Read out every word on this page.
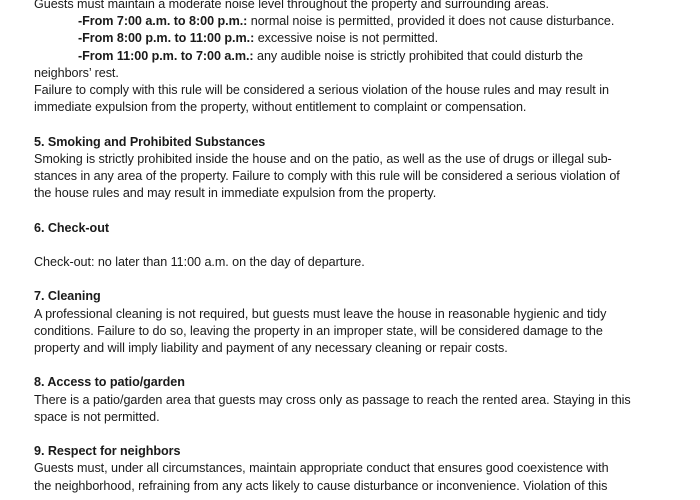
Guests must maintain a moderate noise level throughout the property and surrounding areas.

-From 7:00 a.m. to 8:00 p.m.: normal noise is permitted, provided it does not cause disturbance.

-From 8:00 p.m. to 11:00 p.m.: excessive noise is not permitted.

-From 11:00 p.m. to 7:00 a.m.: any audible noise is strictly prohibited that could disturb the

neighbors’ rest.

Failure to comply with this rule will be considered a serious violation of the house rules and may result in

immediate expulsion from the property, without entitlement to complaint or compensation.

5. Smoking and Prohibited Substances

Smoking is strictly prohibited inside the house and on the patio, as well as the use of drugs or illegal sub-

stances in any area of the property. Failure to comply with this rule will be considered a serious violation of

the house rules and may result in immediate expulsion from the property.

6. Check-out

Check-out: no later than 11:00 a.m. on the day of departure.

7. Cleaning

A professional cleaning is not required, but guests must leave the house in reasonable hygienic and tidy

conditions. Failure to do so, leaving the property in an improper state, will be considered damage to the

property and will imply liability and payment of any necessary cleaning or repair costs.

8. Access to patio/garden

There is a patio/garden area that guests may cross only as passage to reach the rented area. Staying in this

space is not permitted.

9. Respect for neighbors

Guests must, under all circumstances, maintain appropriate conduct that ensures good coexistence with

the neighborhood, refraining from any acts likely to cause disturbance or inconvenience. Violation of this
